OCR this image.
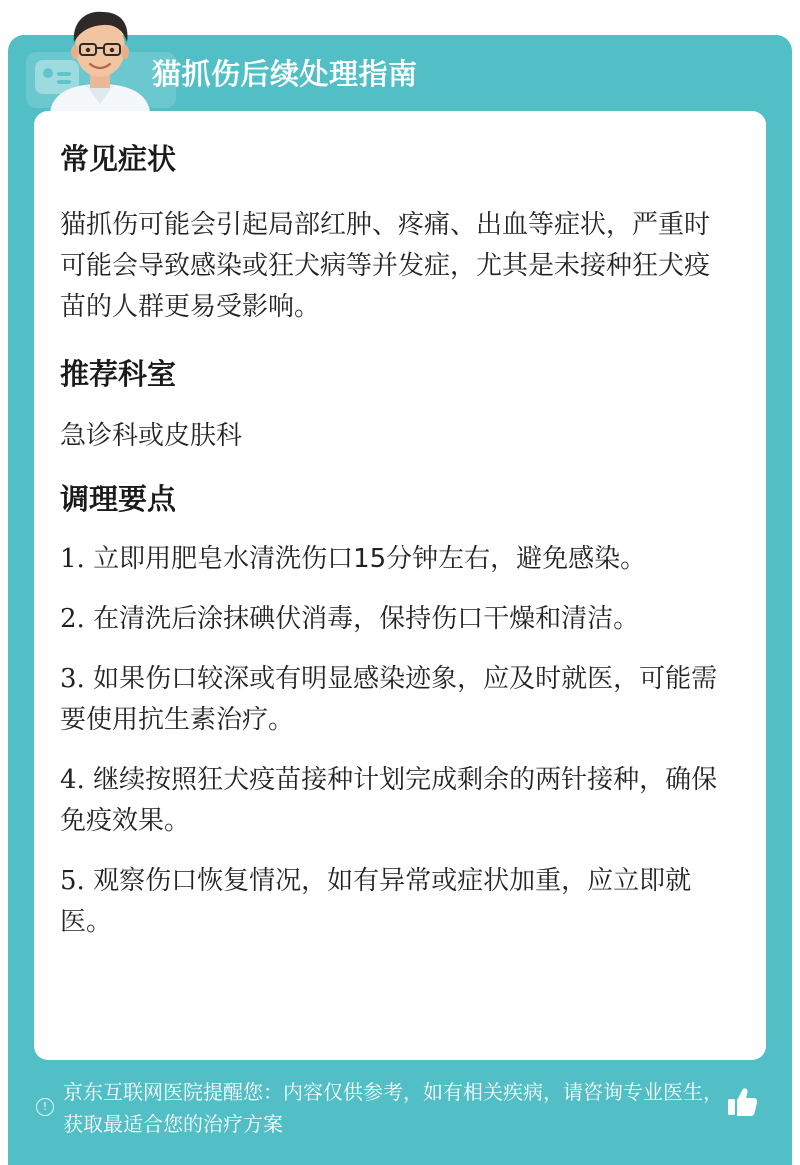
猫抓伤后续处理指南
常见症状

猫抓伤可能会引起局部红肿、疼痛、出血等症状，严重时可能会导致感染或狂犬病等并发症，尤其是未接种狂犬疫苗的人群更易受影响。

推荐科室

急诊科或皮肤科

调理要点
1. 立即用肥皂水清洗伤口15分钟左右，避免感染。
2. 在清洗后涂抹碘伏消毒，保持伤口干燥和清洁。
3. 如果伤口较深或有明显感染迹象，应及时就医，可能需要使用抗生素治疗。
4. 继续按照狂犬疫苗接种计划完成剩余的两针接种，确保免疫效果。
5. 观察伤口恢复情况，如有异常或症状加重，应立即就医。
!
京东互联网医院提醒您：内容仅供参考，如有相关疾病，请咨询专业医生，获取最适合您的治疗方案
